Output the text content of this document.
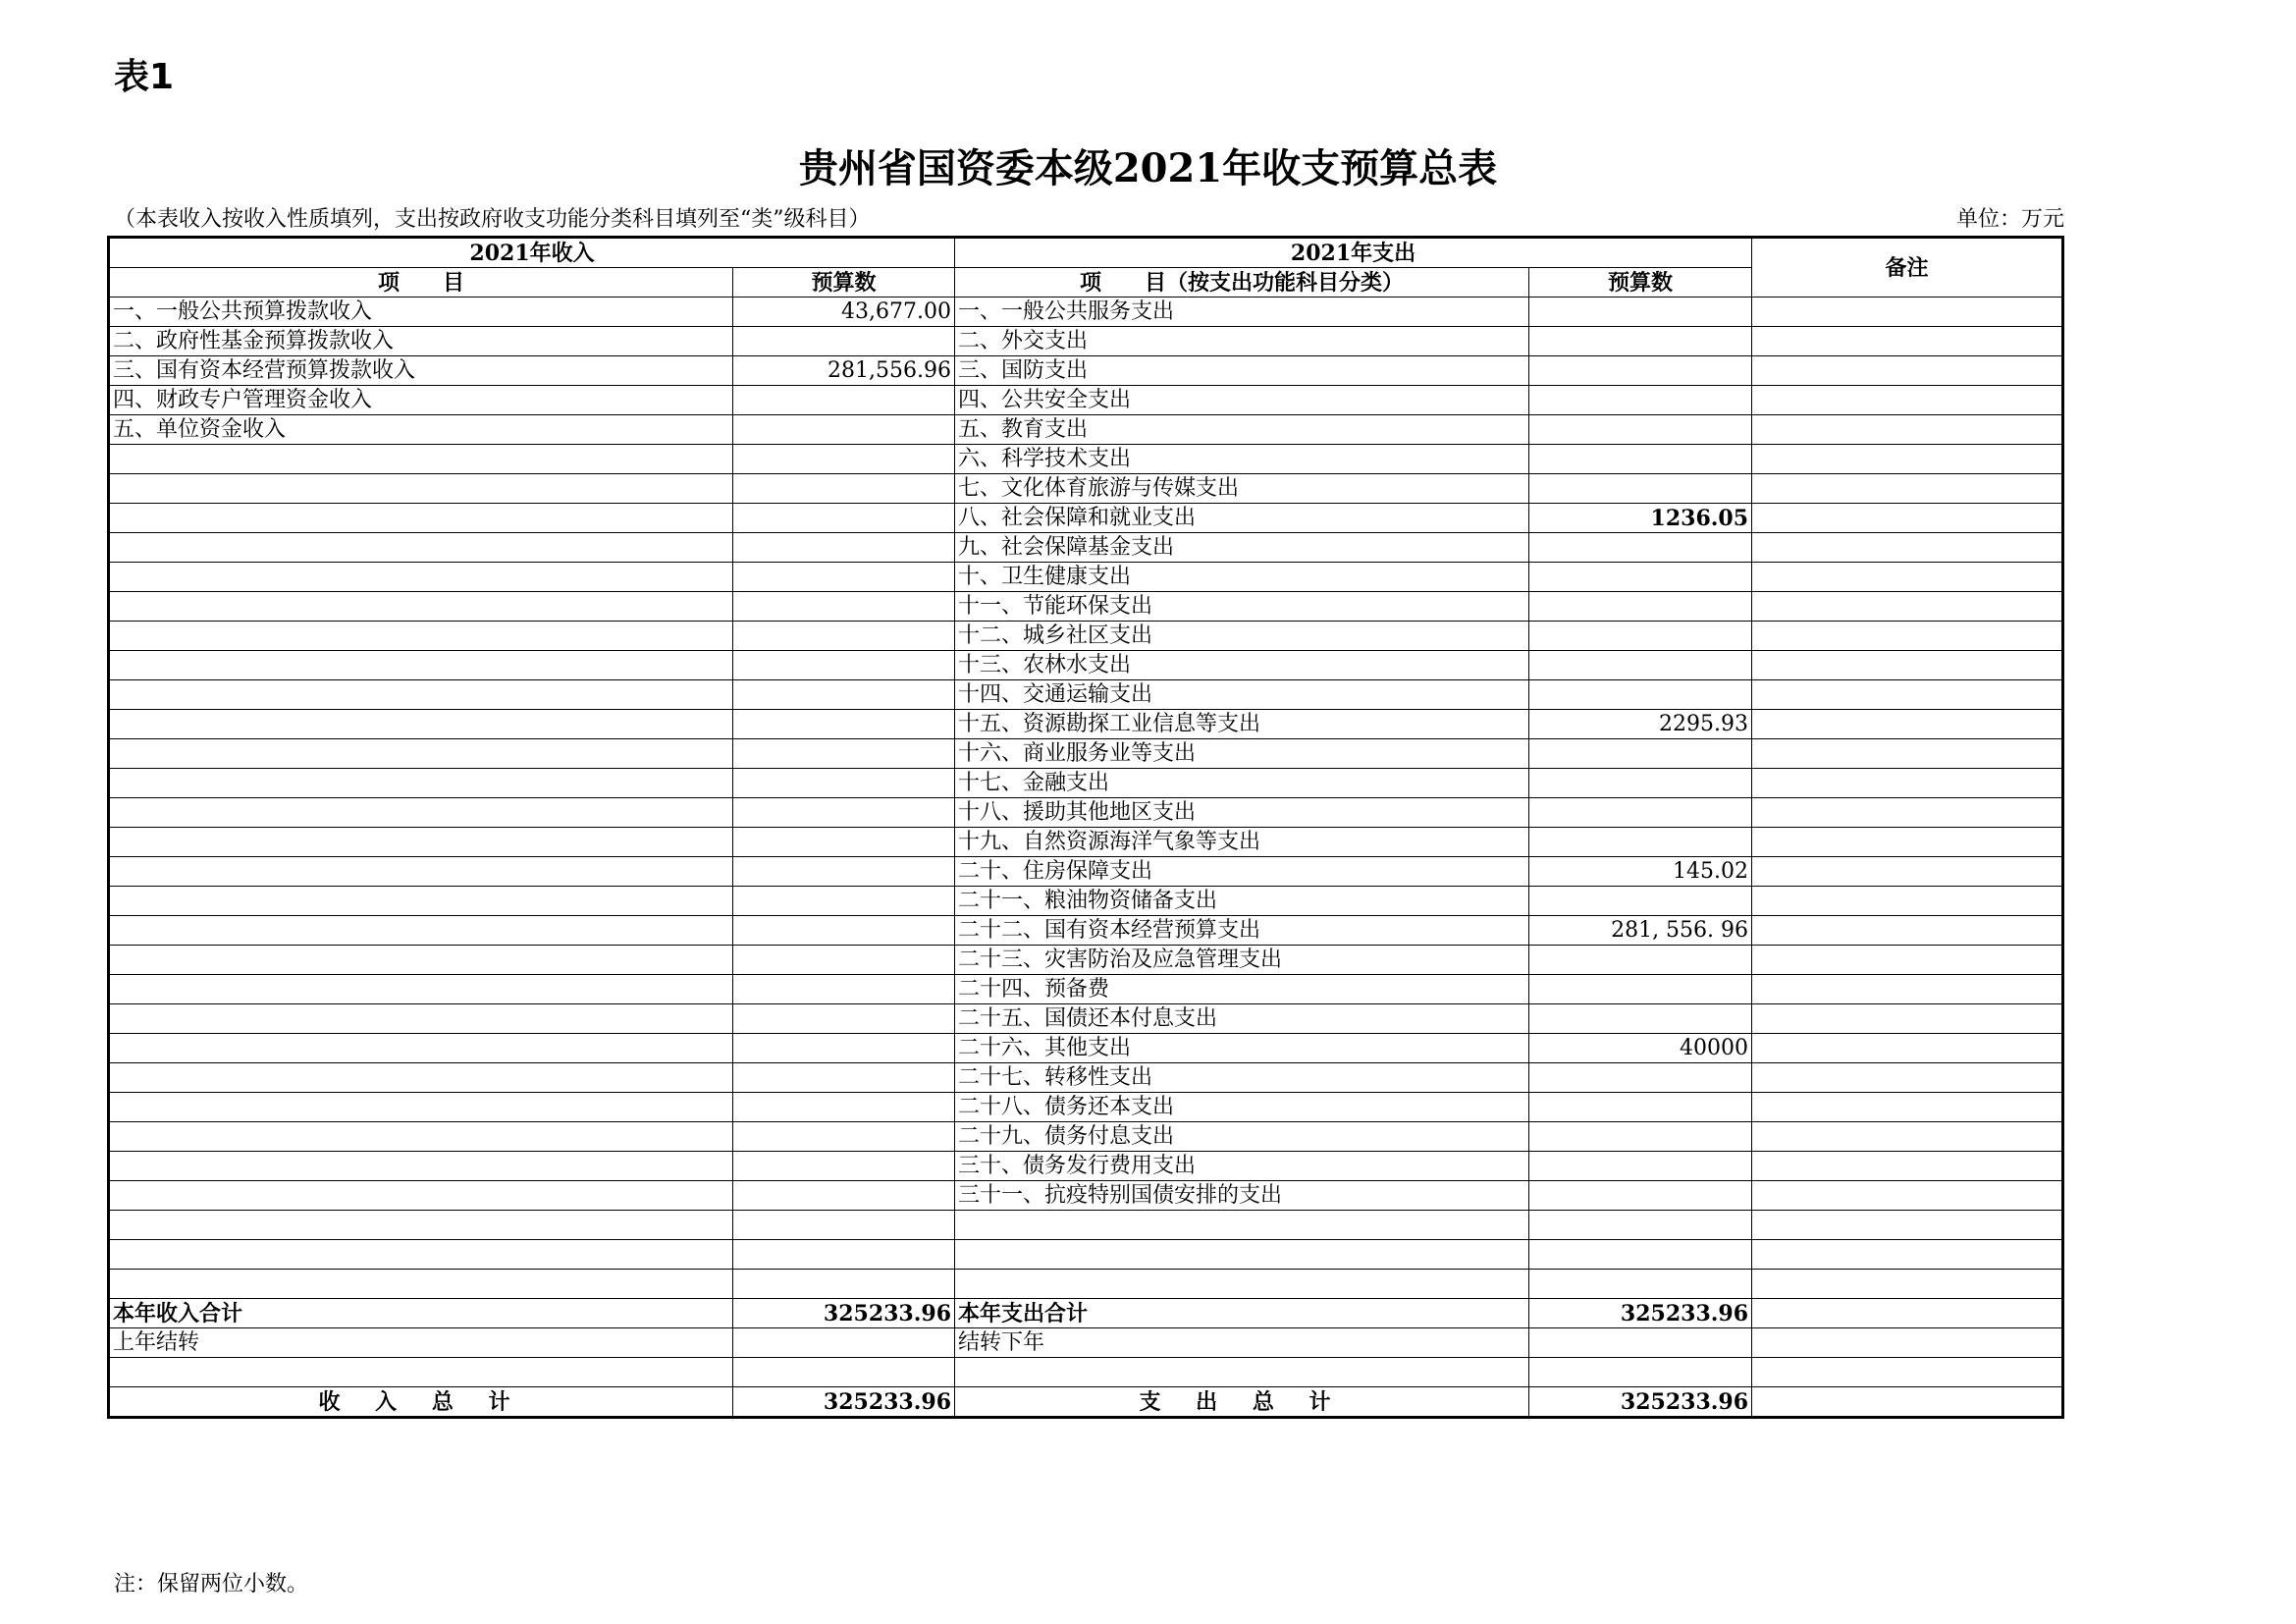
表1
贵州省国资委本级2021年收支预算总表
（本表收入按收入性质填列，支出按政府收支功能分类科目填列至“类”级科目）	单位：万元
2021年收入		2021年支出		备注
项　　目	预算数	项　　目（按支出功能科目分类）	预算数	
一、一般公共预算拨款收入	43,677.00	一、一般公共服务支出		
二、政府性基金预算拨款收入		二、外交支出		
三、国有资本经营预算拨款收入	281,556.96	三、国防支出		
四、财政专户管理资金收入		四、公共安全支出		
五、单位资金收入		五、教育支出		
		六、科学技术支出		
		七、文化体育旅游与传媒支出		
		八、社会保障和就业支出	1236.05	
		九、社会保障基金支出		
		十、卫生健康支出		
		十一、节能环保支出		
		十二、城乡社区支出		
		十三、农林水支出		
		十四、交通运输支出		
		十五、资源勘探工业信息等支出	2295.93	
		十六、商业服务业等支出		
		十七、金融支出		
		十八、援助其他地区支出		
		十九、自然资源海洋气象等支出		
		二十、住房保障支出	145.02	
		二十一、粮油物资储备支出		
		二十二、国有资本经营预算支出	281, 556. 96	
		二十三、灾害防治及应急管理支出		
		二十四、预备费		
		二十五、国债还本付息支出		
		二十六、其他支出	40000	
		二十七、转移性支出		
		二十八、债务还本支出		
		二十九、债务付息支出		
		三十、债务发行费用支出		
		三十一、抗疫特别国债安排的支出		

本年收入合计	325233.96	本年支出合计	325233.96	
上年结转		结转下年		

收 入 总 计	325233.96	支 出 总 计	325233.96	
注：保留两位小数。
